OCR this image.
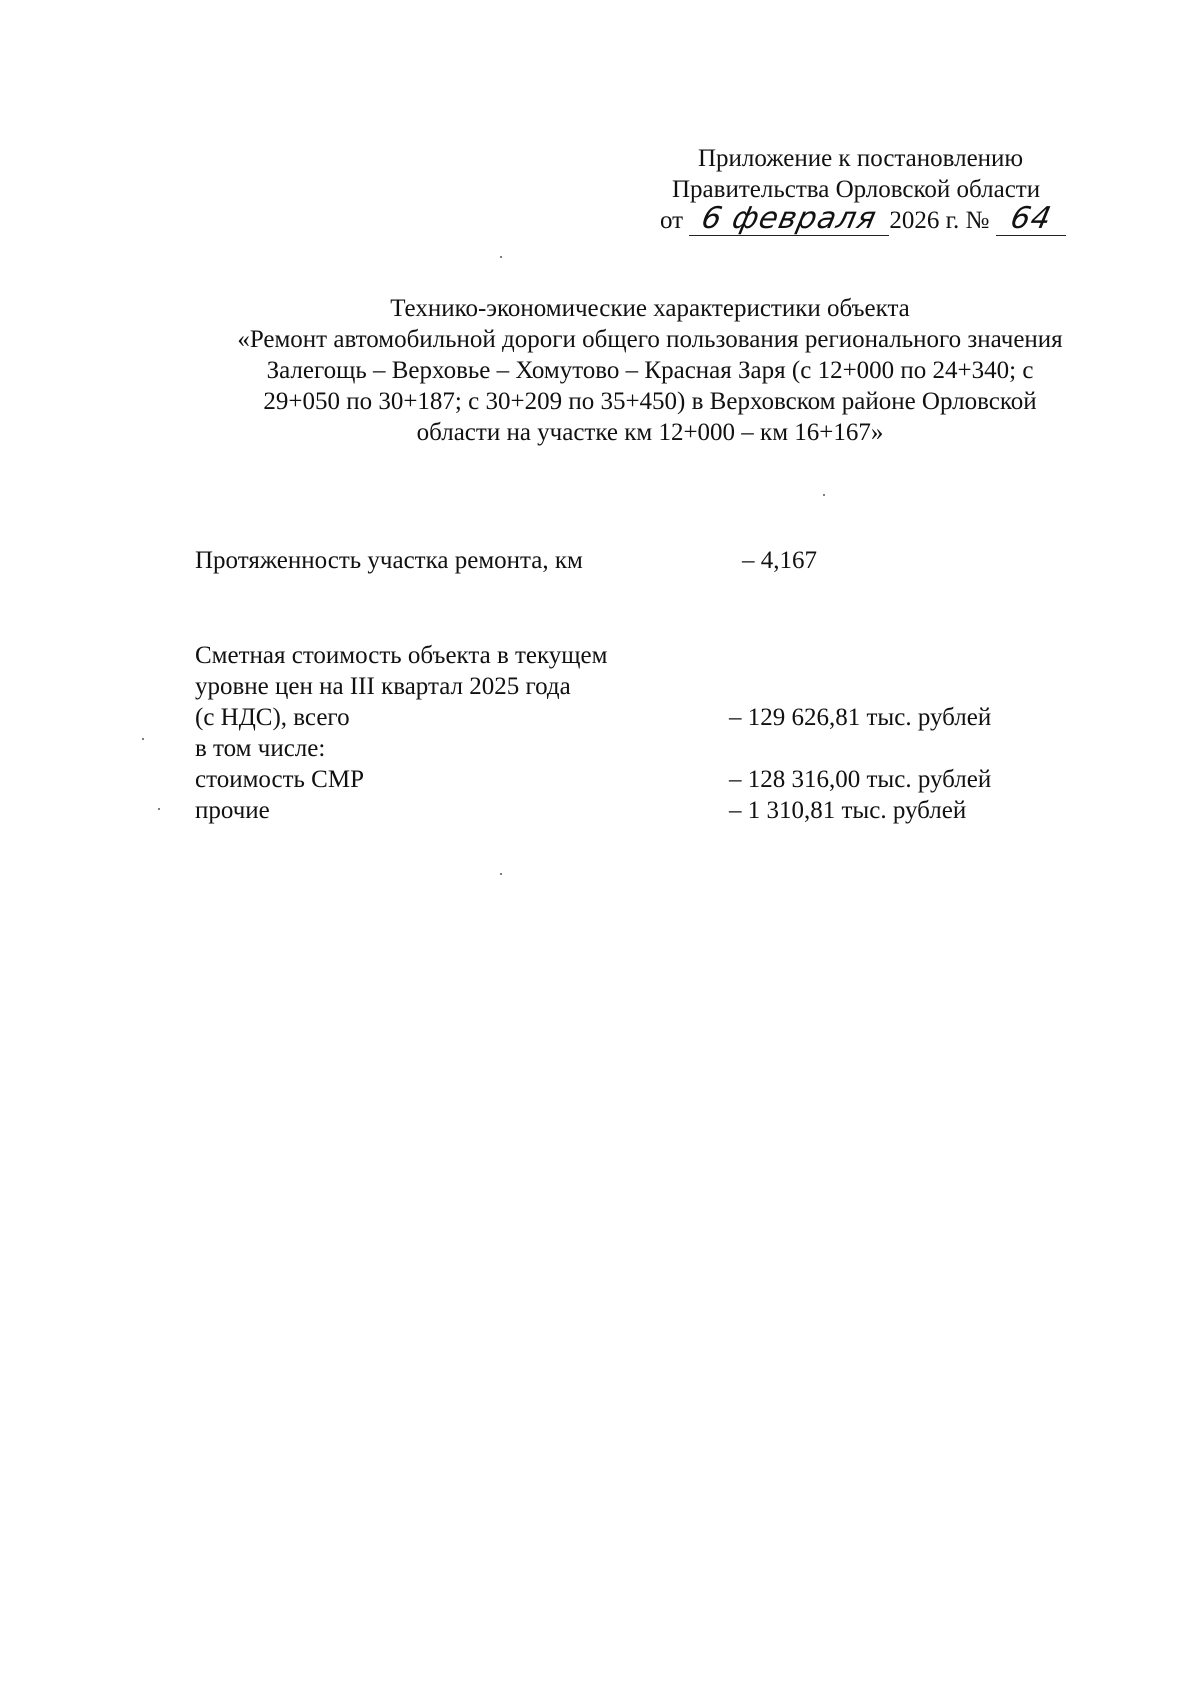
Приложение к постановлению
Правительства Орловской области
от 6 февраля 2026 г. № 64
Технико-экономические характеристики объекта
«Ремонт автомобильной дороги общего пользования регионального значения
Залегощь – Верховье – Хомутово – Красная Заря (с 12+000 по 24+340; с
29+050 по 30+187; с 30+209 по 35+450) в Верховском районе Орловской
области на участке км 12+000 – км 16+167»
Протяженность участка ремонта, км	– 4,167
Сметная стоимость объекта в текущем
уровне цен на III квартал 2025 года
(с НДС), всего	– 129 626,81 тыс. рублей
в том числе:
стоимость СМР	– 128 316,00 тыс. рублей
прочие	– 1 310,81 тыс. рублей
